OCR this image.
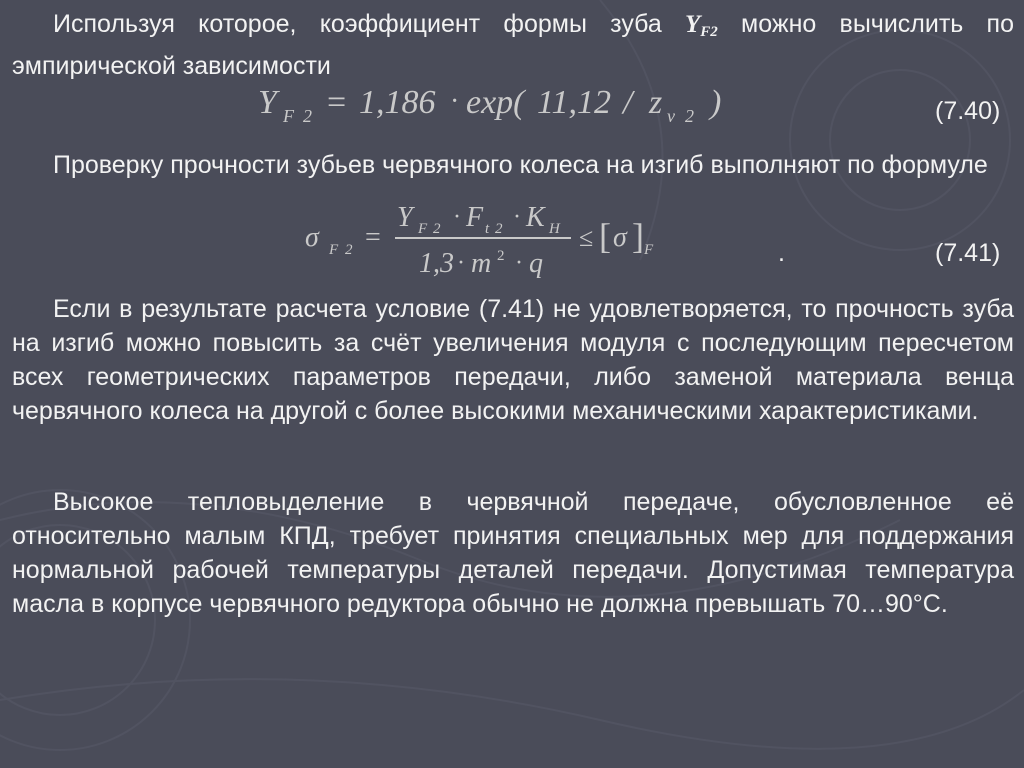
Используя которое, коэффициент формы зуба $Y_{F2}$ можно вычислить по эмпирической зависимости
Y F 2 = 1,186 · exp( 11,12 / z v 2 )	(7.40)
Проверку прочности зубьев червячного колеса на изгиб выполняют по формуле
σ F 2 =
Y F 2 · F t 2 · K H
1,3 · m 2 · q
≤ [ σ ] F	.	(7.41)
Если в результате расчета условие (7.41) не удовлетворяется, то прочность зуба на изгиб можно повысить за счёт увеличения модуля с последующим пересчетом всех геометрических параметров передачи, либо заменой материала венца червячного колеса на другой с более высокими механическими характеристиками.
Высокое тепловыделение в червячной передаче, обусловленное её относительно малым КПД, требует принятия специальных мер для поддержания нормальной рабочей температуры деталей передачи. Допустимая температура масла в корпусе червячного редуктора обычно не должна превышать 70…90°С.
